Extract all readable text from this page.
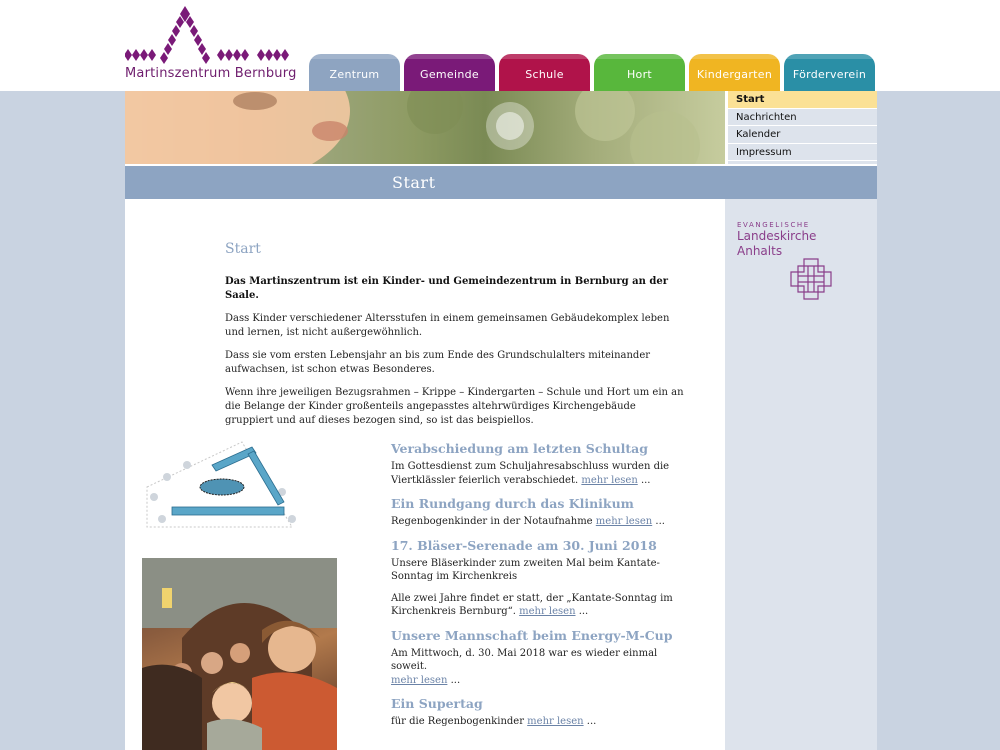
Martinszentrum Bernburg	Zentrum	Gemeinde	Schule	Hort	Kindergarten	Förderverein
Start
Nachrichten
Kalender
Impressum
Start
Start

Das Martinszentrum ist ein Kinder- und Gemeindezentrum in Bernburg an der Saale.

Dass Kinder verschiedener Altersstufen in einem gemeinsamen Gebäudekomplex leben und lernen, ist nicht außergewöhnlich.

Dass sie vom ersten Lebensjahr an bis zum Ende des Grundschulalters miteinander aufwachsen, ist schon etwas Besonderes.

Wenn ihre jeweiligen Bezugsrahmen – Krippe – Kindergarten – Schule und Hort um ein an die Belange der Kinder großenteils angepasstes altehrwürdiges Kirchengebäude gruppiert und auf dieses bezogen sind, so ist das beispiellos.

Verabschiedung am letzten Schultag
Im Gottesdienst zum Schuljahresabschluss wurden die Viertklässler feierlich verabschiedet. mehr lesen ...
Ein Rundgang durch das Klinikum
Regenbogenkinder in der Notaufnahme mehr lesen ...
17. Bläser-Serenade am 30. Juni 2018
Unsere Bläserkinder zum zweiten Mal beim Kantate-Sonntag im Kirchenkreis
Alle zwei Jahre findet er statt, der „Kantate-Sonntag im Kirchenkreis Bernburg“. mehr lesen ...
Unsere Mannschaft beim Energy-M-Cup
Am Mittwoch, d. 30. Mai 2018 war es wieder einmal soweit.
mehr lesen ...
Ein Supertag
für die Regenbogenkinder mehr lesen ...
EVANGELISCHE
Landeskirche
Anhalts
